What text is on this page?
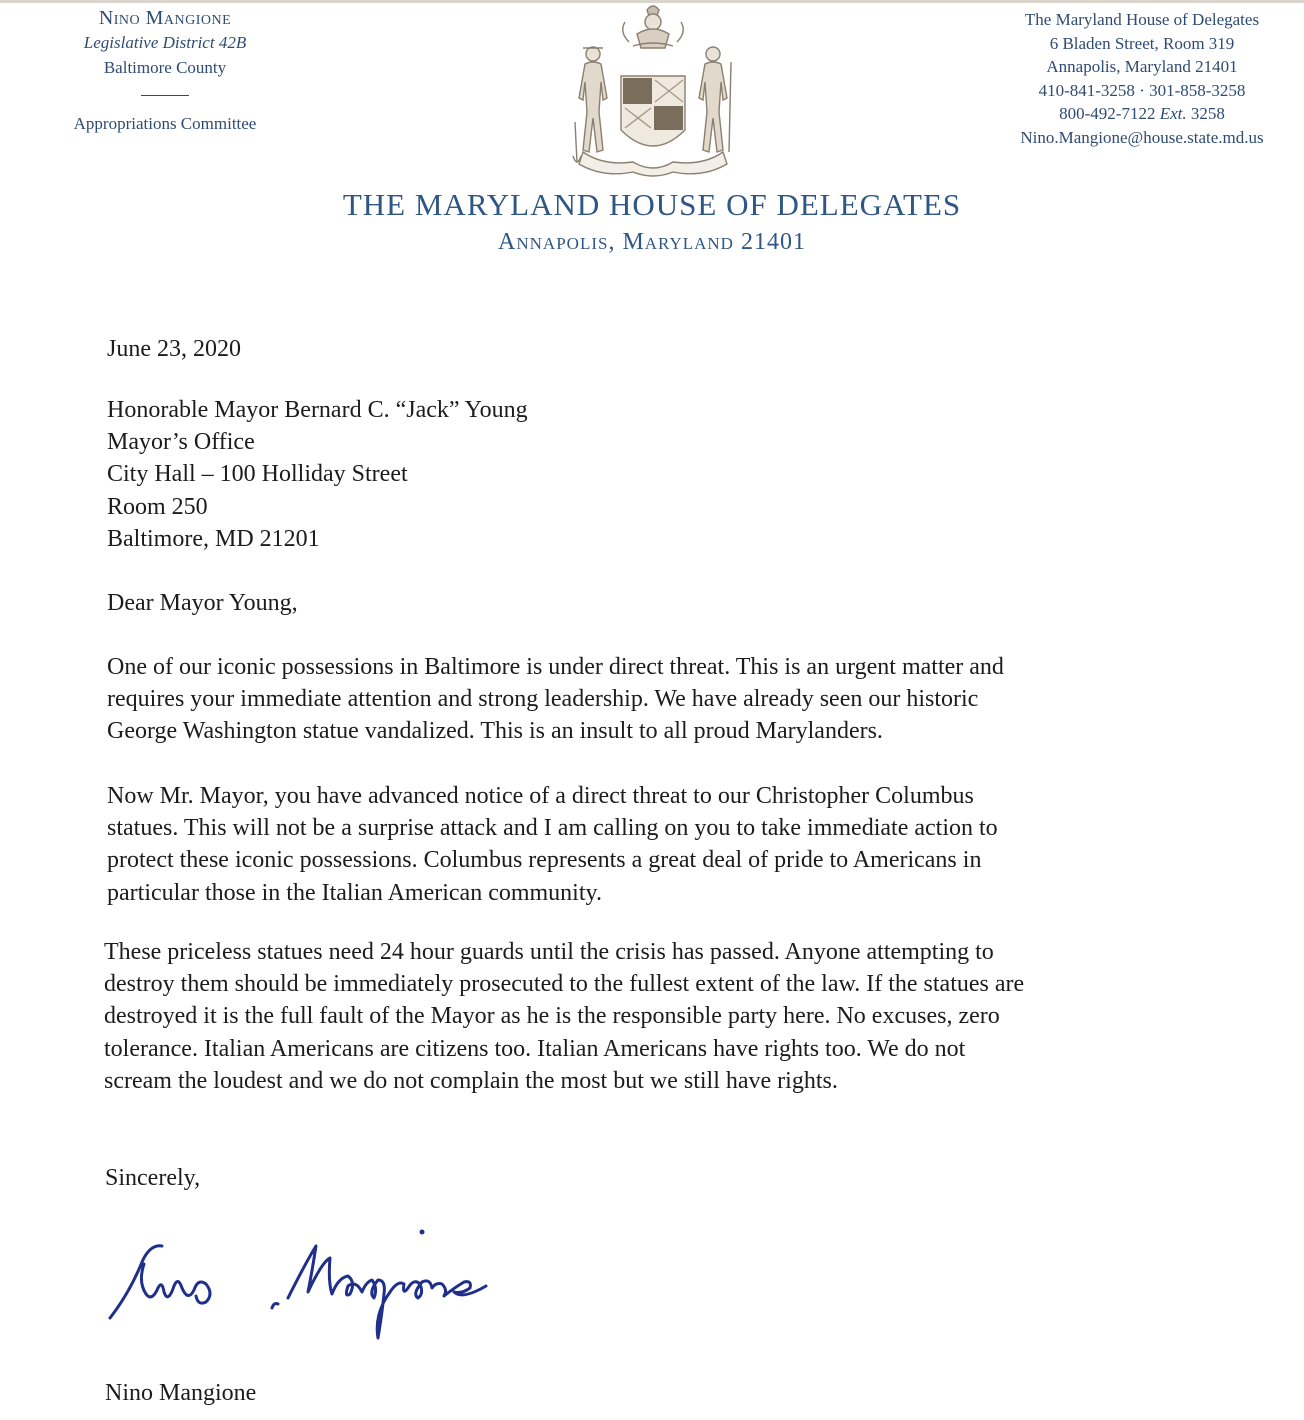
Nino Mangione
Legislative District 42B
Baltimore County
Appropriations Committee
The Maryland House of Delegates
6 Bladen Street, Room 319
Annapolis, Maryland 21401
410-841-3258 · 301-858-3258
800-492-7122 Ext. 3258
Nino.Mangione@house.state.md.us
THE MARYLAND HOUSE OF DELEGATES
Annapolis, Maryland 21401
June 23, 2020
Honorable Mayor Bernard C. “Jack” Young
Mayor’s Office
City Hall – 100 Holliday Street
Room 250
Baltimore, MD 21201
Dear Mayor Young,
One of our iconic possessions in Baltimore is under direct threat. This is an urgent matter and
requires your immediate attention and strong leadership. We have already seen our historic
George Washington statue vandalized. This is an insult to all proud Marylanders.
Now Mr. Mayor, you have advanced notice of a direct threat to our Christopher Columbus
statues. This will not be a surprise attack and I am calling on you to take immediate action to
protect these iconic possessions. Columbus represents a great deal of pride to Americans in
particular those in the Italian American community.
These priceless statues need 24 hour guards until the crisis has passed. Anyone attempting to
destroy them should be immediately prosecuted to the fullest extent of the law. If the statues are
destroyed it is the full fault of the Mayor as he is the responsible party here. No excuses, zero
tolerance. Italian Americans are citizens too. Italian Americans have rights too. We do not
scream the loudest and we do not complain the most but we still have rights.
Sincerely,
Nino Mangione
